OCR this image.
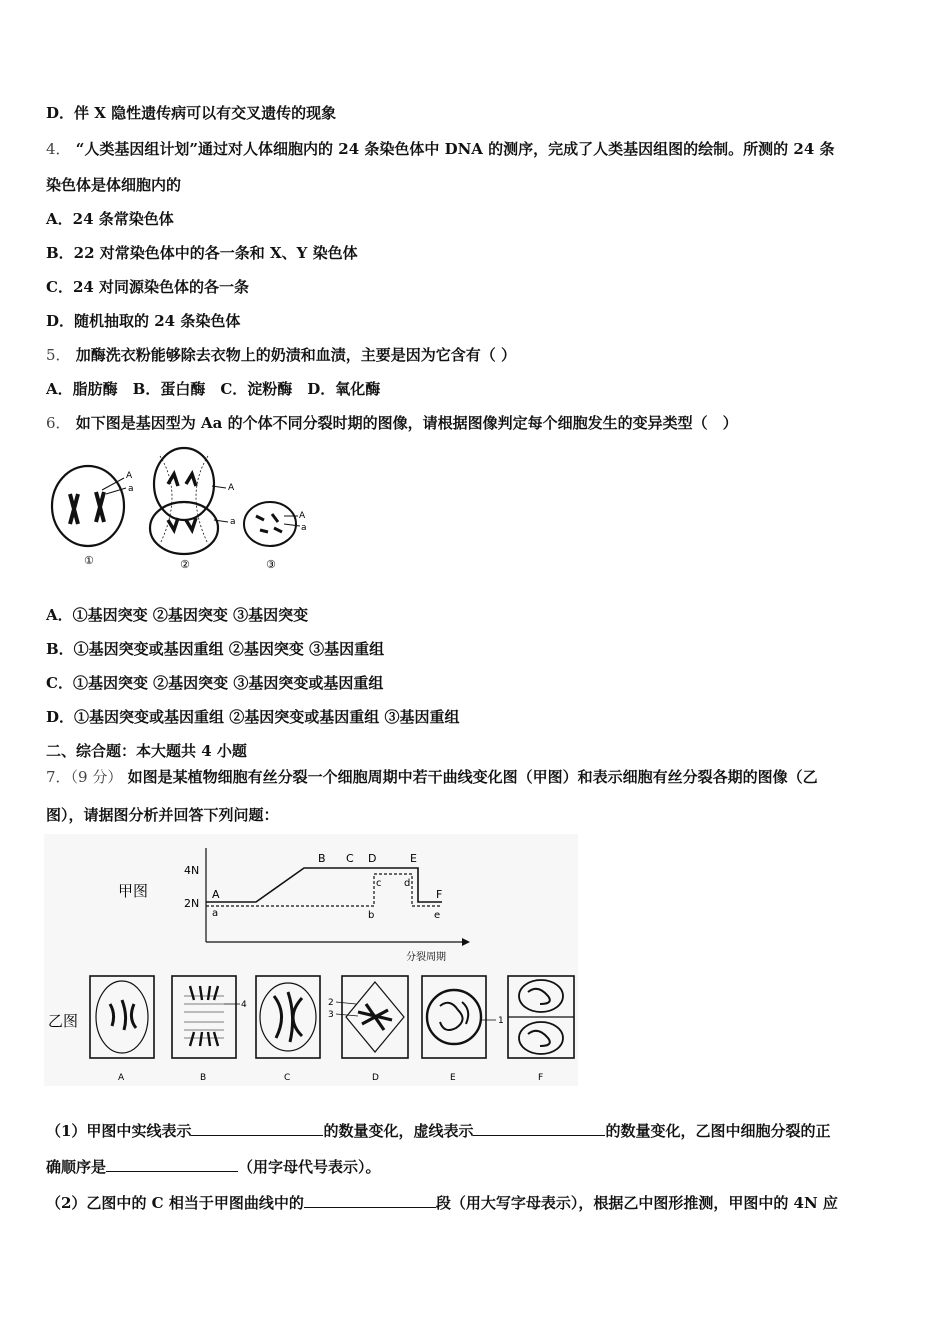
D．伴 X 隐性遗传病可以有交叉遗传的现象
4． “人类基因组计划”通过对人体细胞内的 24 条染色体中 DNA 的测序，完成了人类基因组图的绘制。所测的 24 条
染色体是体细胞内的
A．24 条常染色体
B．22 对常染色体中的各一条和 X、Y 染色体
C．24 对同源染色体的各一条
D．随机抽取的 24 条染色体
5． 加酶洗衣粉能够除去衣物上的奶渍和血渍，主要是因为它含有（ ）
A．脂肪酶　B．蛋白酶　C．淀粉酶　D．氧化酶
6． 如下图是基因型为 Aa 的个体不同分裂时期的图像，请根据图像判定每个细胞发生的变异类型（　）
A
a
①
A
a
②
A
a
③
A．①基因突变 ②基因突变 ③基因突变
B．①基因突变或基因重组 ②基因突变 ③基因重组
C．①基因突变 ②基因突变 ③基因突变或基因重组
D．①基因突变或基因重组 ②基因突变或基因重组 ③基因重组
二、综合题：本大题共 4 小题
7．（9 分） 如图是某植物细胞有丝分裂一个细胞周期中若干曲线变化图（甲图）和表示细胞有丝分裂各期的图像（乙
图），请据图分析并回答下列问题：
甲图
4N
2N
分裂周期
A
B C D	E
F
a	b
c d
e
乙图
A
4
B	C
2
3
D
1
E	F
（1）甲图中实线表示	的数量变化，虚线表示	的数量变化，乙图中细胞分裂的正
确顺序是	（用字母代号表示）。
（2）乙图中的 C 相当于甲图曲线中的	段（用大写字母表示），根据乙中图形推测，甲图中的 4N 应
